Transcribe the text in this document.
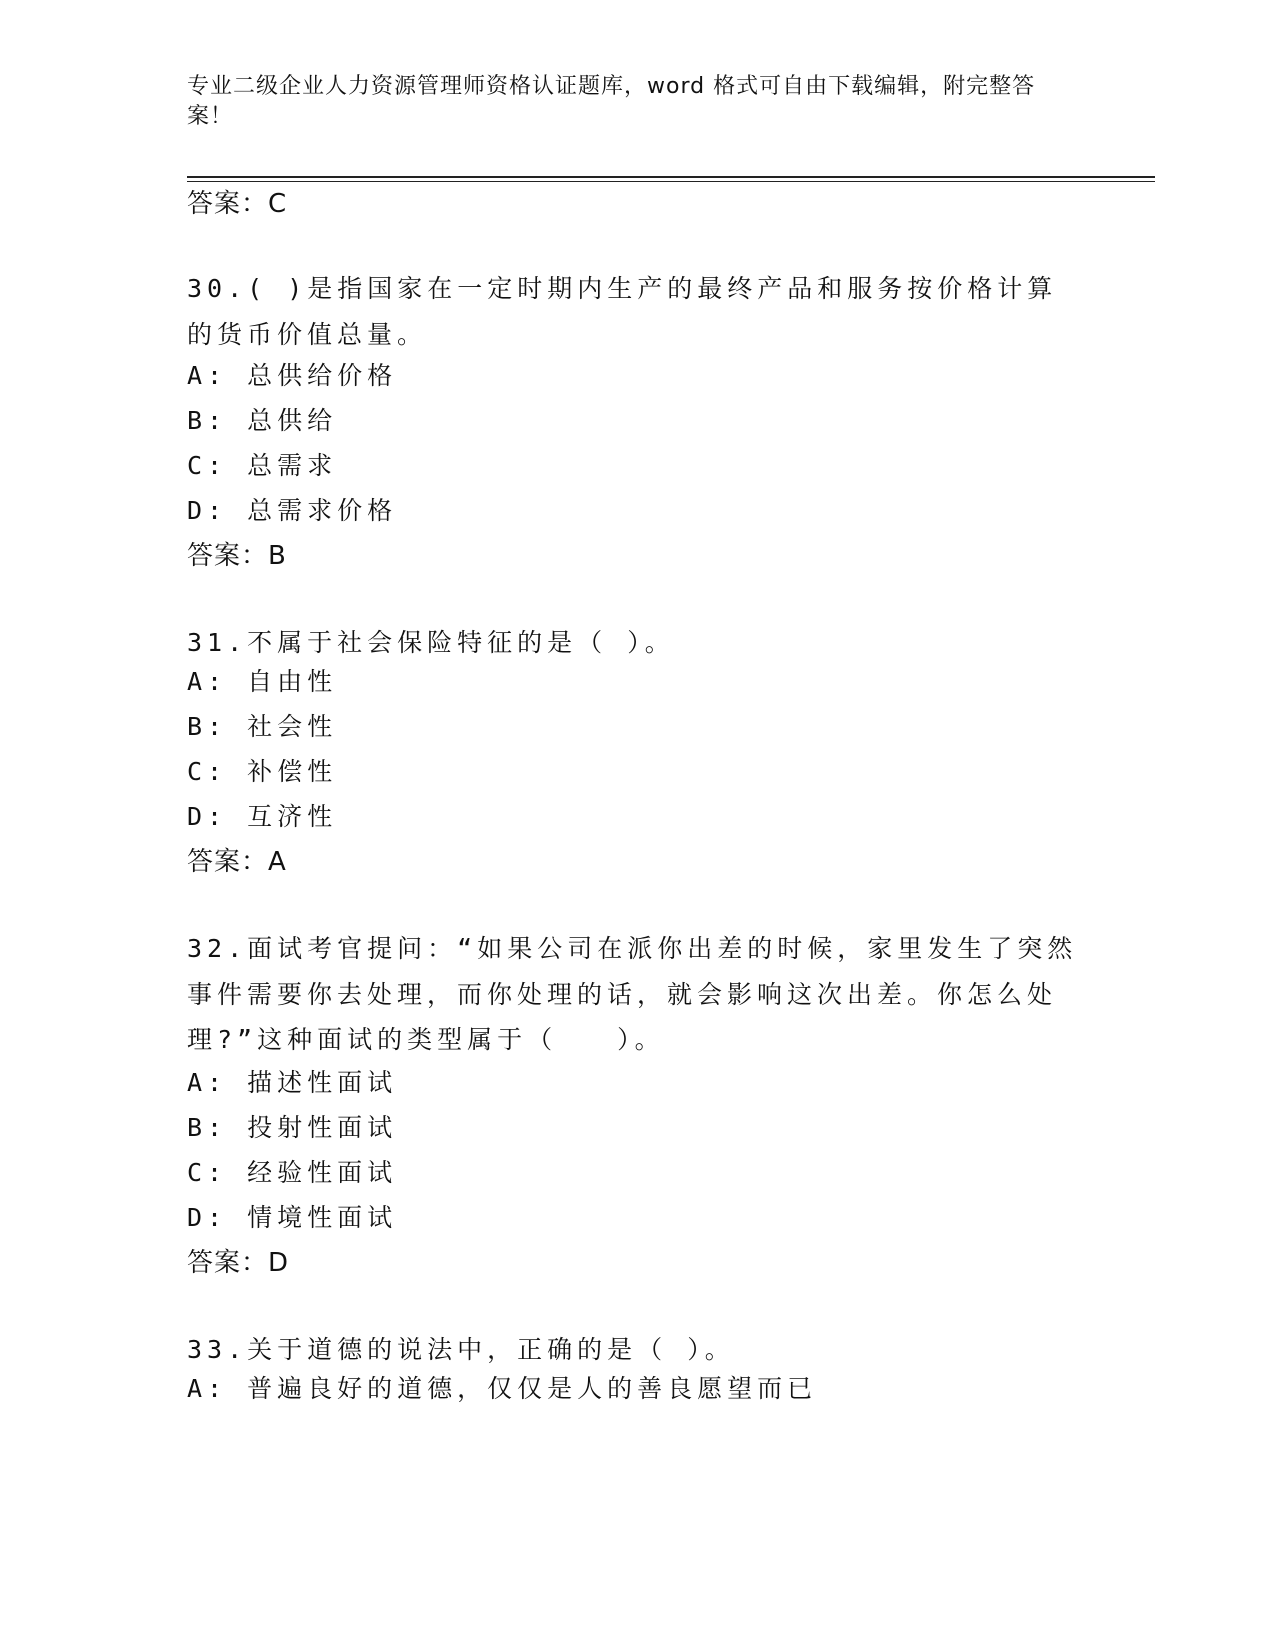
专业二级企业人力资源管理师资格认证题库，word 格式可自由下载编辑，附完整答案！
答案：C
30.( )是指国家在一定时期内生产的最终产品和服务按价格计算的货币价值总量。
A: 总供给价格
B: 总供给
C: 总需求
D: 总需求价格
答案：B
31.不属于社会保险特征的是（ ）。
A: 自由性
B: 社会性
C: 补偿性
D: 互济性
答案：A
32.面试考官提问：“如果公司在派你出差的时候，家里发生了突然事件需要你去处理，而你处理的话，就会影响这次出差。你怎么处理?”这种面试的类型属于（　　）。
A: 描述性面试
B: 投射性面试
C: 经验性面试
D: 情境性面试
答案：D
33.关于道德的说法中，正确的是（ ）。
A: 普遍良好的道德，仅仅是人的善良愿望而已
